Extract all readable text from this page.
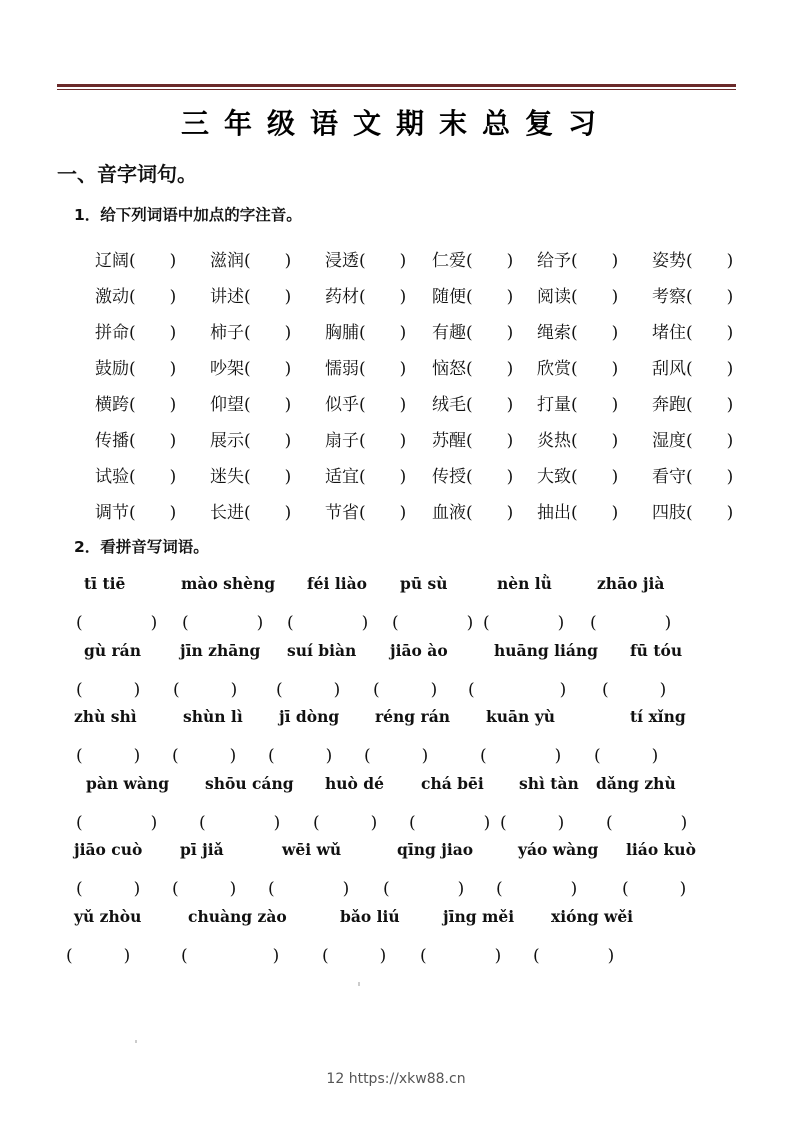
三年级语文期末总复习
一、音字词句。
1．给下列词语中加点的字注音。
辽阔(　　) 滋润(　　) 浸透(　　) 仁爱(　　) 给予(　　) 姿势(　　)
激动(　　) 讲述(　　) 药材(　　) 随便(　　) 阅读(　　) 考察(　　)
拼命(　　) 柿子(　　) 胸脯(　　) 有趣(　　) 绳索(　　) 堵住(　　)
鼓励(　　) 吵架(　　) 懦弱(　　) 恼怒(　　) 欣赏(　　) 刮风(　　)
横跨(　　) 仰望(　　) 似乎(　　) 绒毛(　　) 打量(　　) 奔跑(　　)
传播(　　) 展示(　　) 扇子(　　) 苏醒(　　) 炎热(　　) 湿度(　　)
试验(　　) 迷失(　　) 适宜(　　) 传授(　　) 大致(　　) 看守(　　)
调节(　　) 长进(　　) 节省(　　) 血液(　　) 抽出(　　) 四肢(　　)
2．看拼音写词语。
tī tiē	mào shèng féi liào pū sù	nèn lǜ	zhāo jià
(　　　　) (　　　　) (　　　　) (　　　　) (　　　　) (　　　　)
gù rán	jīn zhāng suí biàn jiāo ào	huāng liáng fū tóu
(　　　) (　　　) (　　　) (　　　) (　　　　　) (　　　)
zhù shì	shùn lì jī dòng réng rán kuān yù	tí xǐng
(　　　) (　　　) (　　　) (　　　)	(　　　　) (　　　)
pàn wàng shōu cáng huò dé chá bēi shì tàn dǎng zhù
(　　　　) (　　　　) (　　　) (　　　　) (　　　) (　　　　)
jiāo cuò pī jiǎ	wēi wǔ	qīng jiao	yáo wàng liáo kuò
(　　　) (　　　) (　　　　) (　　　　) (　　　　)	(　　　)
yǔ zhòu	chuàng zào	bǎo liú	jīng měi xióng wěi
(　　　)	(　　　　　)	(　　　) (　　　　) (　　　　)
12 https://xkw88.cn
